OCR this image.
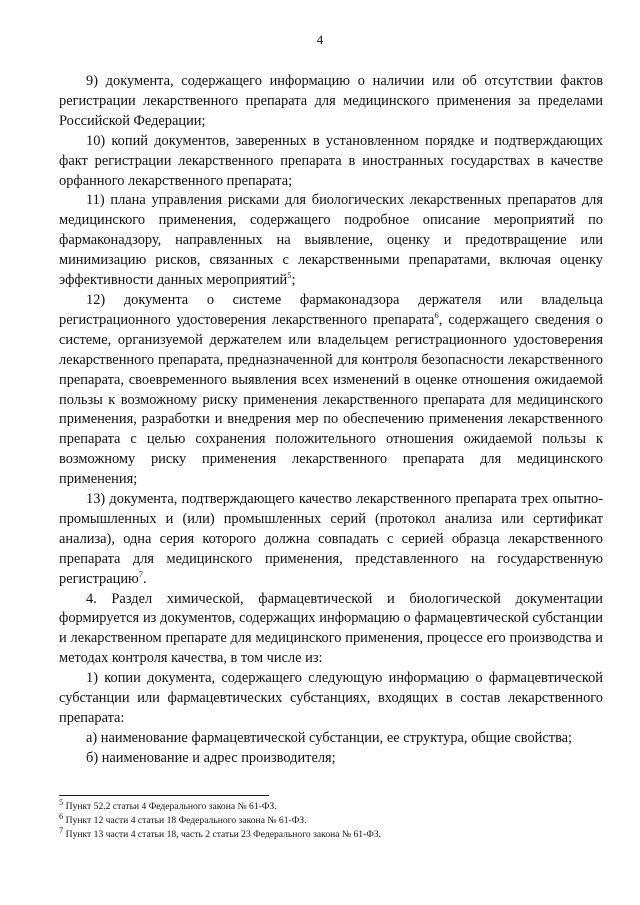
4

9) документа, содержащего информацию о наличии или об отсутствии фактов регистрации лекарственного препарата для медицинского применения за пределами Российской Федерации;

10) копий документов, заверенных в установленном порядке и подтверждающих факт регистрации лекарственного препарата в иностранных государствах в качестве орфанного лекарственного препарата;

11) плана управления рисками для биологических лекарственных препаратов для медицинского применения, содержащего подробное описание мероприятий по фармаконадзору, направленных на выявление, оценку и предотвращение или минимизацию рисков, связанных с лекарственными препаратами, включая оценку эффективности данных мероприятий$^5$;

12) документа о системе фармаконадзора держателя или владельца регистрационного удостоверения лекарственного препарата$^6$, содержащего сведения о системе, организуемой держателем или владельцем регистрационного удостоверения лекарственного препарата, предназначенной для контроля безопасности лекарственного препарата, своевременного выявления всех изменений в оценке отношения ожидаемой пользы к возможному риску применения лекарственного препарата для медицинского применения, разработки и внедрения мер по обеспечению применения лекарственного препарата с целью сохранения положительного отношения ожидаемой пользы к возможному риску применения лекарственного препарата для медицинского применения;

13) документа, подтверждающего качество лекарственного препарата трех опытно-промышленных и (или) промышленных серий (протокол анализа или сертификат анализа), одна серия которого должна совпадать с серией образца лекарственного препарата для медицинского применения, представленного на государственную регистрацию$^7$.

4. Раздел химической, фармацевтической и биологической документации формируется из документов, содержащих информацию о фармацевтической субстанции и лекарственном препарате для медицинского применения, процессе его производства и методах контроля качества, в том числе из:

1) копии документа, содержащего следующую информацию о фармацевтической субстанции или фармацевтических субстанциях, входящих в состав лекарственного препарата:

а) наименование фармацевтической субстанции, ее структура, общие свойства;

б) наименование и адрес производителя;

$^5$ Пункт 52.2 статьи 4 Федерального закона № 61-ФЗ.

$^6$ Пункт 12 части 4 статьи 18 Федерального закона № 61-ФЗ.

$^7$ Пункт 13 части 4 статьи 18, часть 2 статьи 23 Федерального закона № 61-ФЗ.
